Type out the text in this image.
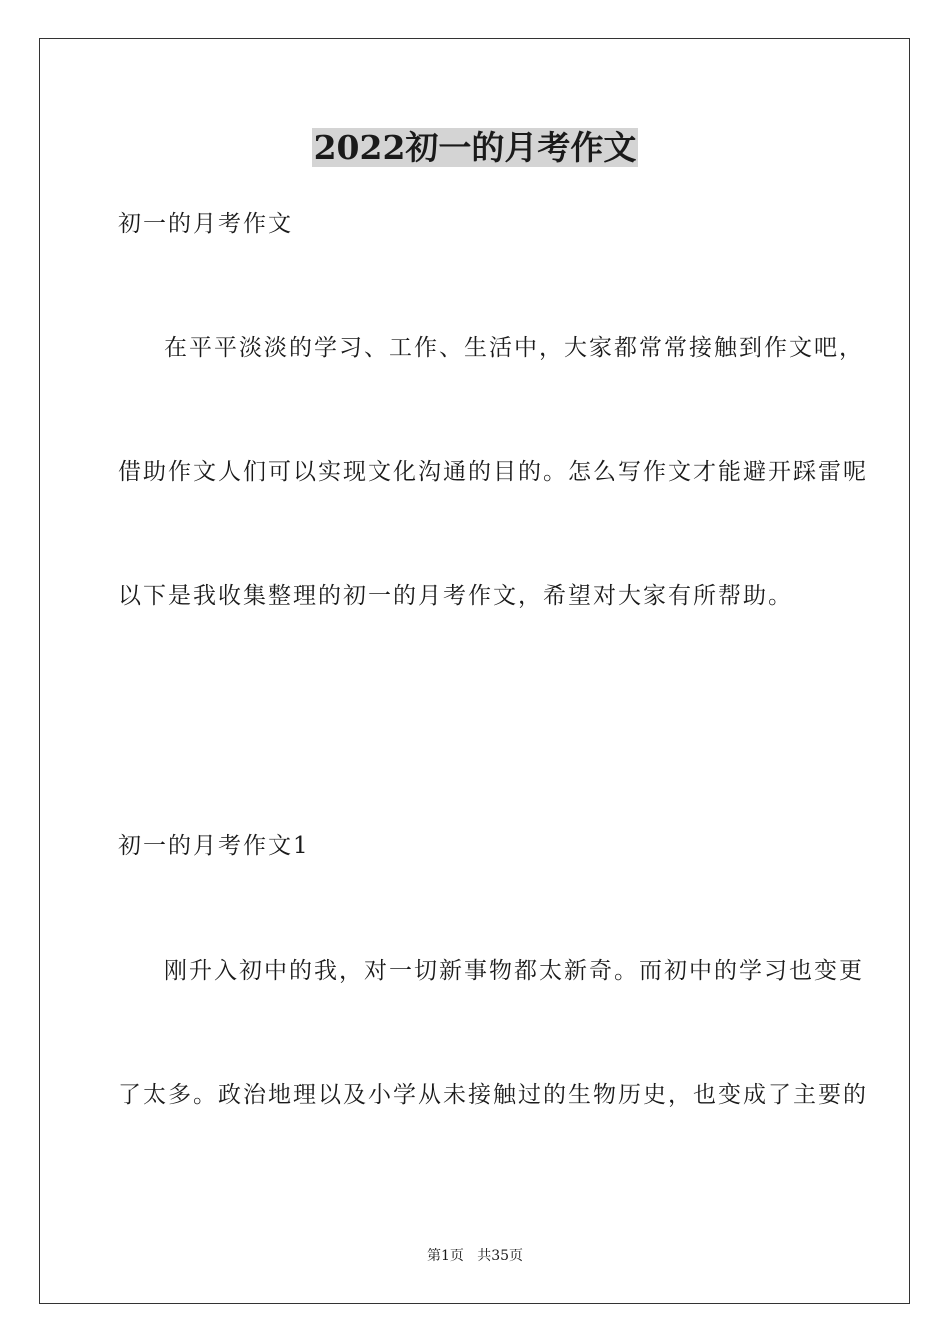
2022初一的月考作文
初一的月考作文
在平平淡淡的学习、工作、生活中，大家都常常接触到作文吧，
借助作文人们可以实现文化沟通的目的。怎么写作文才能避开踩雷呢
以下是我收集整理的初一的月考作文，希望对大家有所帮助。
初一的月考作文1
刚升入初中的我，对一切新事物都太新奇。而初中的学习也变更
了太多。政治地理以及小学从未接触过的生物历史，也变成了主要的
第1页   共35页
